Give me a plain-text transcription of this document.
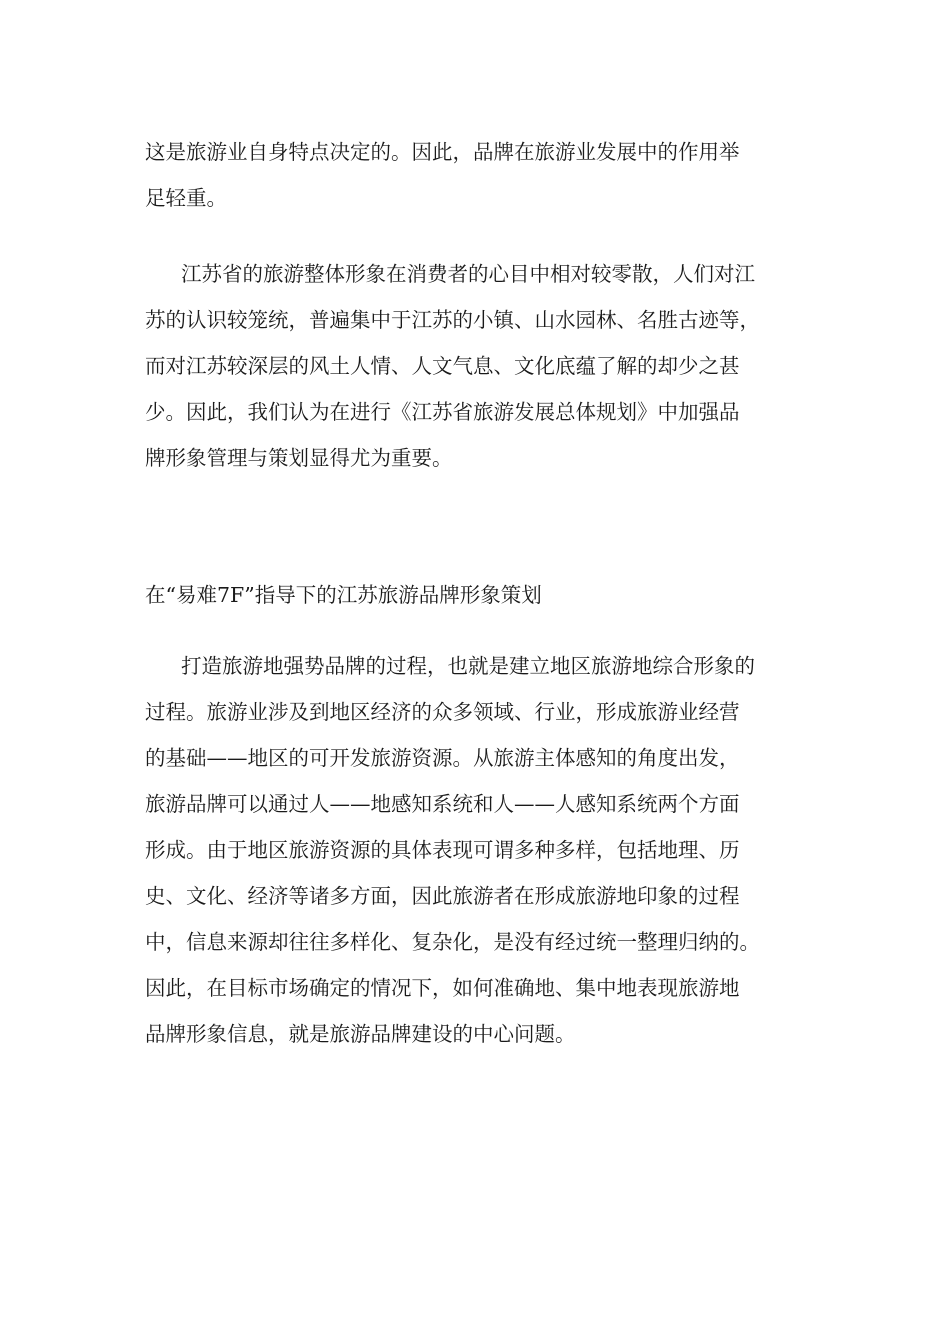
这是旅游业自身特点决定的。因此，品牌在旅游业发展中的作用举
足轻重。

江苏省的旅游整体形象在消费者的心目中相对较零散，人们对江
苏的认识较笼统，普遍集中于江苏的小镇、山水园林、名胜古迹等，
而对江苏较深层的风土人情、人文气息、文化底蕴了解的却少之甚
少。因此，我们认为在进行《江苏省旅游发展总体规划》中加强品
牌形象管理与策划显得尤为重要。

在“易难7F”指导下的江苏旅游品牌形象策划

打造旅游地强势品牌的过程，也就是建立地区旅游地综合形象的
过程。旅游业涉及到地区经济的众多领域、行业，形成旅游业经营
的基础——地区的可开发旅游资源。从旅游主体感知的角度出发，
旅游品牌可以通过人——地感知系统和人——人感知系统两个方面
形成。由于地区旅游资源的具体表现可谓多种多样，包括地理、历
史、文化、经济等诸多方面，因此旅游者在形成旅游地印象的过程
中，信息来源却往往多样化、复杂化，是没有经过统一整理归纳的。
因此，在目标市场确定的情况下，如何准确地、集中地表现旅游地
品牌形象信息，就是旅游品牌建设的中心问题。
